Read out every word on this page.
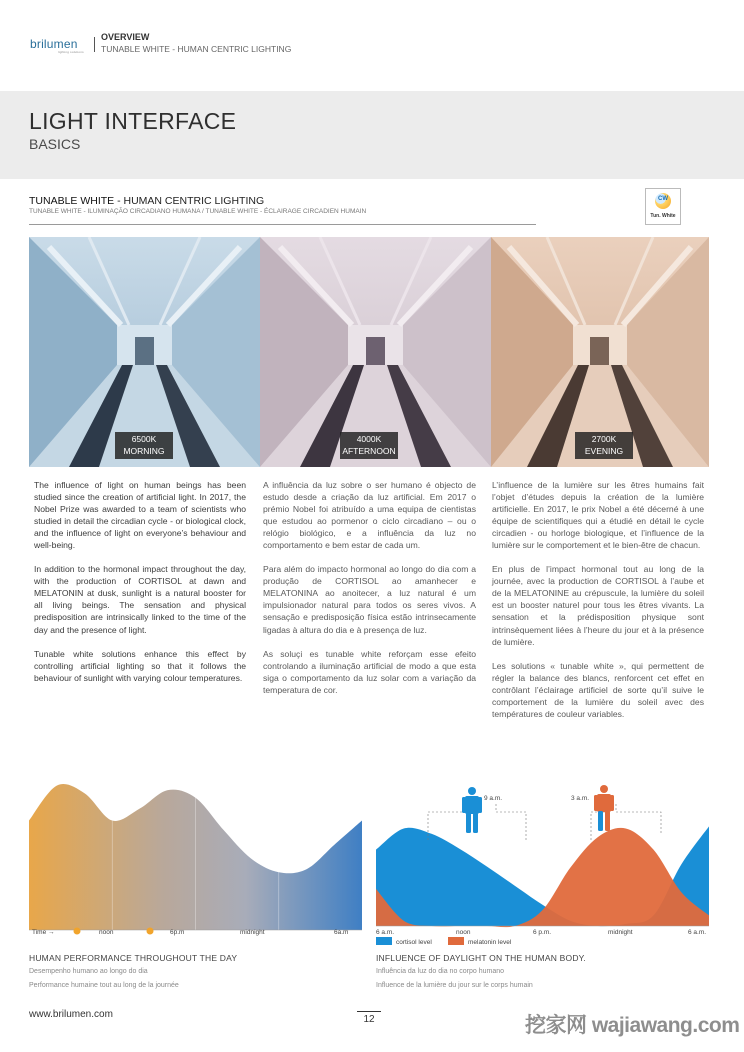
brilumen
lighting solutions
OVERVIEW
TUNABLE WHITE - HUMAN CENTRIC LIGHTING
LIGHT INTERFACE
BASICS
TUNABLE WHITE - HUMAN CENTRIC LIGHTING
TUNABLE WHITE - ILUMINAÇÃO CIRCADIANO HUMANA / TUNABLE WHITE - ÉCLAIRAGE CIRCADIEN HUMAIN
CW
Tun. White
6500K
MORNING
4000K
AFTERNOON
2700K
EVENING

The influence of light on human beings has been studied since the creation of artificial light. In 2017, the Nobel Prize was awarded to a team of scientists who studied in detail the circadian cycle - or biological clock, and the influence of light on everyone’s behaviour and well-being.

In addition to the hormonal impact throughout the day, with the production of CORTISOL at dawn and MELATONIN at dusk, sunlight is a natural booster for all living beings. The sensation and physical predisposition are intrinsically linked to the time of the day and the presence of light.

Tunable white solutions enhance this effect by controlling artificial lighting so that it follows the behaviour of sunlight with varying colour temperatures.

A influência da luz sobre o ser humano é objecto de estudo desde a criação da luz artificial. Em 2017 o prémio Nobel foi atribuído a uma equipa de cientistas que estudou ao pormenor o ciclo circadiano – ou o relógio biológico, e a influência da luz no comportamento e bem estar de cada um.

Para além do impacto hormonal ao longo do dia com a produção de CORTISOL ao amanhecer e MELATONINA ao anoitecer, a luz natural é um impulsionador natural para todos os seres vivos. A sensação e predisposição física estão intrinsecamente ligadas à altura do dia e à presença de luz.

As soluçi es tunable white reforçam esse efeito controlando a iluminação artificial de modo a que esta siga o comportamento da luz solar com a variação da temperatura de cor.

L’influence de la lumière sur les êtres humains fait l’objet d’études depuis la création de la lumière artificielle. En 2017, le prix Nobel a été décerné à une équipe de scientifiques qui a étudié en détail le cycle circadien - ou horloge biologique, et l’influence de la lumière sur le comportement et le bien-être de chacun.

En plus de l’impact hormonal tout au long de la journée, avec la production de CORTISOL à l’aube et de la MELATONINE au crépuscule, la lumière du soleil est un booster naturel pour tous les êtres vivants. La sensation et la prédisposition physique sont intrinsèquement liées à l’heure du jour et à la présence de lumière.

Les solutions « tunable white », qui permettent de régler la balance des blancs, renforcent cet effet en contrôlant l’éclairage artificiel de sorte qu’il suive le comportement de la lumière du soleil avec des températures de couleur variables.

Time →	noon	6p.m	midnight	6a.m
HUMAN PERFORMANCE THROUGHOUT THE DAY
Desempenho humano ao longo do dia
Performance humaine tout au long de la journée
9 a.m.	3 a.m.
6 a.m.	noon	6 p.m.	midnight	6 a.m.
cortisol level	melatonin level
INFLUENCE OF DAYLIGHT ON THE HUMAN BODY.
Influência da luz do dia no corpo humano
Influence de la lumière du jour sur le corps humain
www.brilumen.com	12	挖家网 wajiawang.com
